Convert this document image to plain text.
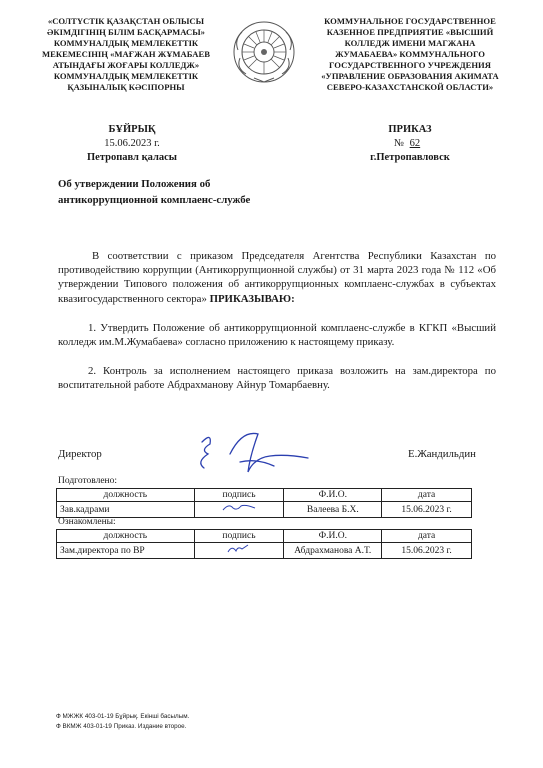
«СОЛТҮСТІК ҚАЗАҚСТАН ОБЛЫСЫ ӘКІМДІГІНІҢ БІЛІМ БАСҚАРМАСЫ» КОММУНАЛДЫҚ МЕМЛЕКЕТТІК МЕКЕМЕСІНІҢ «МАҒЖАН ЖҰМАБАЕВ АТЫНДАҒЫ ЖОҒАРЫ КОЛЛЕДЖ» КОММУНАЛДЫҚ МЕМЛЕКЕТТІК ҚАЗЫНАЛЫҚ КӘСІПОРНЫ
КОММУНАЛЬНОЕ ГОСУДАРСТВЕННОЕ КАЗЕННОЕ ПРЕДПРИЯТИЕ «ВЫСШИЙ КОЛЛЕДЖ ИМЕНИ МАГЖАНА ЖУМАБАЕВА» КОММУНАЛЬНОГО ГОСУДАРСТВЕННОГО УЧРЕЖДЕНИЯ «УПРАВЛЕНИЕ ОБРАЗОВАНИЯ АКИМАТА СЕВЕРО-КАЗАХСТАНСКОЙ ОБЛАСТИ»
БҰЙРЫҚ
15.06.2023 г.
Петропавл қаласы
ПРИКАЗ
№ 62
г.Петропавловск
Об утверждении Положения об
антикоррупционной комплаенс-службе
В соответствии с приказом Председателя Агентства Республики Казахстан по противодействию коррупции (Антикоррупционной службы) от 31 марта 2023 года № 112 «Об утверждении Типового положения об антикоррупционных комплаенс-службах в субъектах квазигосударственного сектора» ПРИКАЗЫВАЮ:
1. Утвердить Положение об антикоррупционной комплаенс-службе в КГКП «Высший колледж им.М.Жумабаева» согласно приложению к настоящему приказу.
2. Контроль за исполнением настоящего приказа возложить на зам.директора по воспитательной работе Абдрахманову Айнур Томарбаевну.
Директор	Е.Жандильдин
Подготовлено:
должность	подпись	Ф.И.О.	дата
Зав.кадрами		Валеева Б.Х.	15.06.2023 г.
Ознакомлены:
должность	подпись	Ф.И.О.	дата
Зам.директора по ВР		Абдрахманова А.Т.	15.06.2023 г.
Ф МЖЖК 403-01-19 Бұйрық. Екінші басылым.
Ф ВКМЖ 403-01-19 Приказ. Издание второе.
